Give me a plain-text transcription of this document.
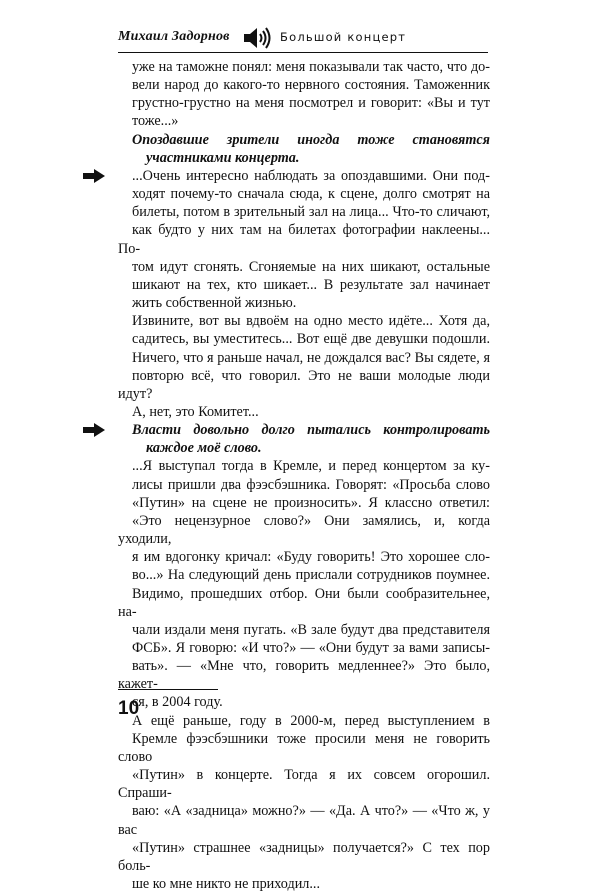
Михаил Задорнов	Большой концерт

уже на таможне понял: меня показывали так часто, что до-
вели народ до какого-то нервного состояния. Таможенник
грустно-грустно на меня посмотрел и говорит: «Вы и тут
тоже...»

Опоздавшие зрители иногда тоже становятся
участниками концерта.

...Очень интересно наблюдать за опоздавшими. Они под-
ходят почему-то сначала сюда, к сцене, долго смотрят на
билеты, потом в зрительный зал на лица... Что-то сличают,
как будто у них там на билетах фотографии наклеены... По-
том идут сгонять. Сгоняемые на них шикают, остальные
шикают на тех, кто шикает... В результате зал начинает
жить собственной жизнью.

Извините, вот вы вдвоём на одно место идёте... Хотя да,
садитесь, вы уместитесь... Вот ещё две девушки подошли.
Ничего, что я раньше начал, не дождался вас? Вы сядете, я
повторю всё, что говорил. Это не ваши молодые люди идут?
А, нет, это Комитет...

Власти довольно долго пытались контролировать
каждое моё слово.

...Я выступал тогда в Кремле, и перед концертом за ку-
лисы пришли два фээсбэшника. Говорят: «Просьба слово
«Путин» на сцене не произносить». Я классно ответил:
«Это нецензурное слово?» Они замялись, и, когда уходили,
я им вдогонку кричал: «Буду говорить! Это хорошее сло-
во...» На следующий день прислали сотрудников поумнее.
Видимо, прошедших отбор. Они были сообразительнее, на-
чали издали меня пугать. «В зале будут два представителя
ФСБ». Я говорю: «И что?» — «Они будут за вами записы-
вать». — «Мне что, говорить медленнее?» Это было, кажет-
ся, в 2004 году.

А ещё раньше, году в 2000-м, перед выступлением в
Кремле фээсбэшники тоже просили меня не говорить слово
«Путин» в концерте. Тогда я их совсем огорошил. Спраши-
ваю: «А «задница» можно?» — «Да. А что?» — «Что ж, у вас
«Путин» страшнее «задницы» получается?» С тех пор боль-
ше ко мне никто не приходил...

10
